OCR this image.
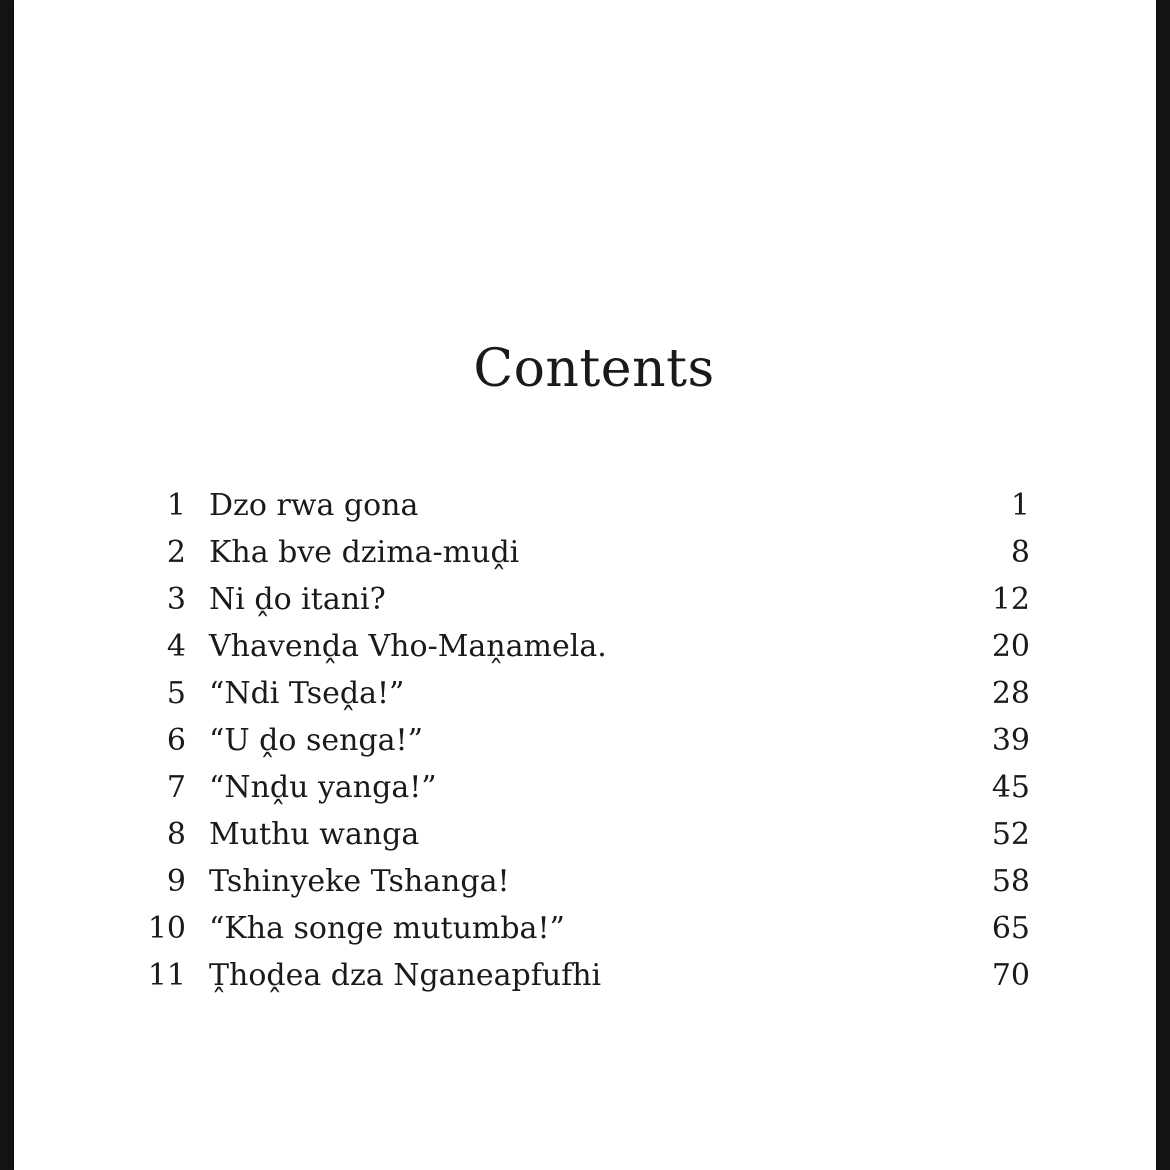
Contents
1 Dzo rwa gona	1
2 Kha bve dzima-muḓi	8
3 Ni ḓo itani?	12
4 Vhavenḓa Vho-Maṋamela.	20
5 “Ndi Tseḓa!”	28
6 “U ḓo senga!”	39
7 “Nnḓu yanga!”	45
8 Muthu wanga	52
9 Tshinyeke Tshanga!	58
10 “Kha songe mutumba!”	65
11 Ṱhoḓea dza Nganeapfufhi	70
